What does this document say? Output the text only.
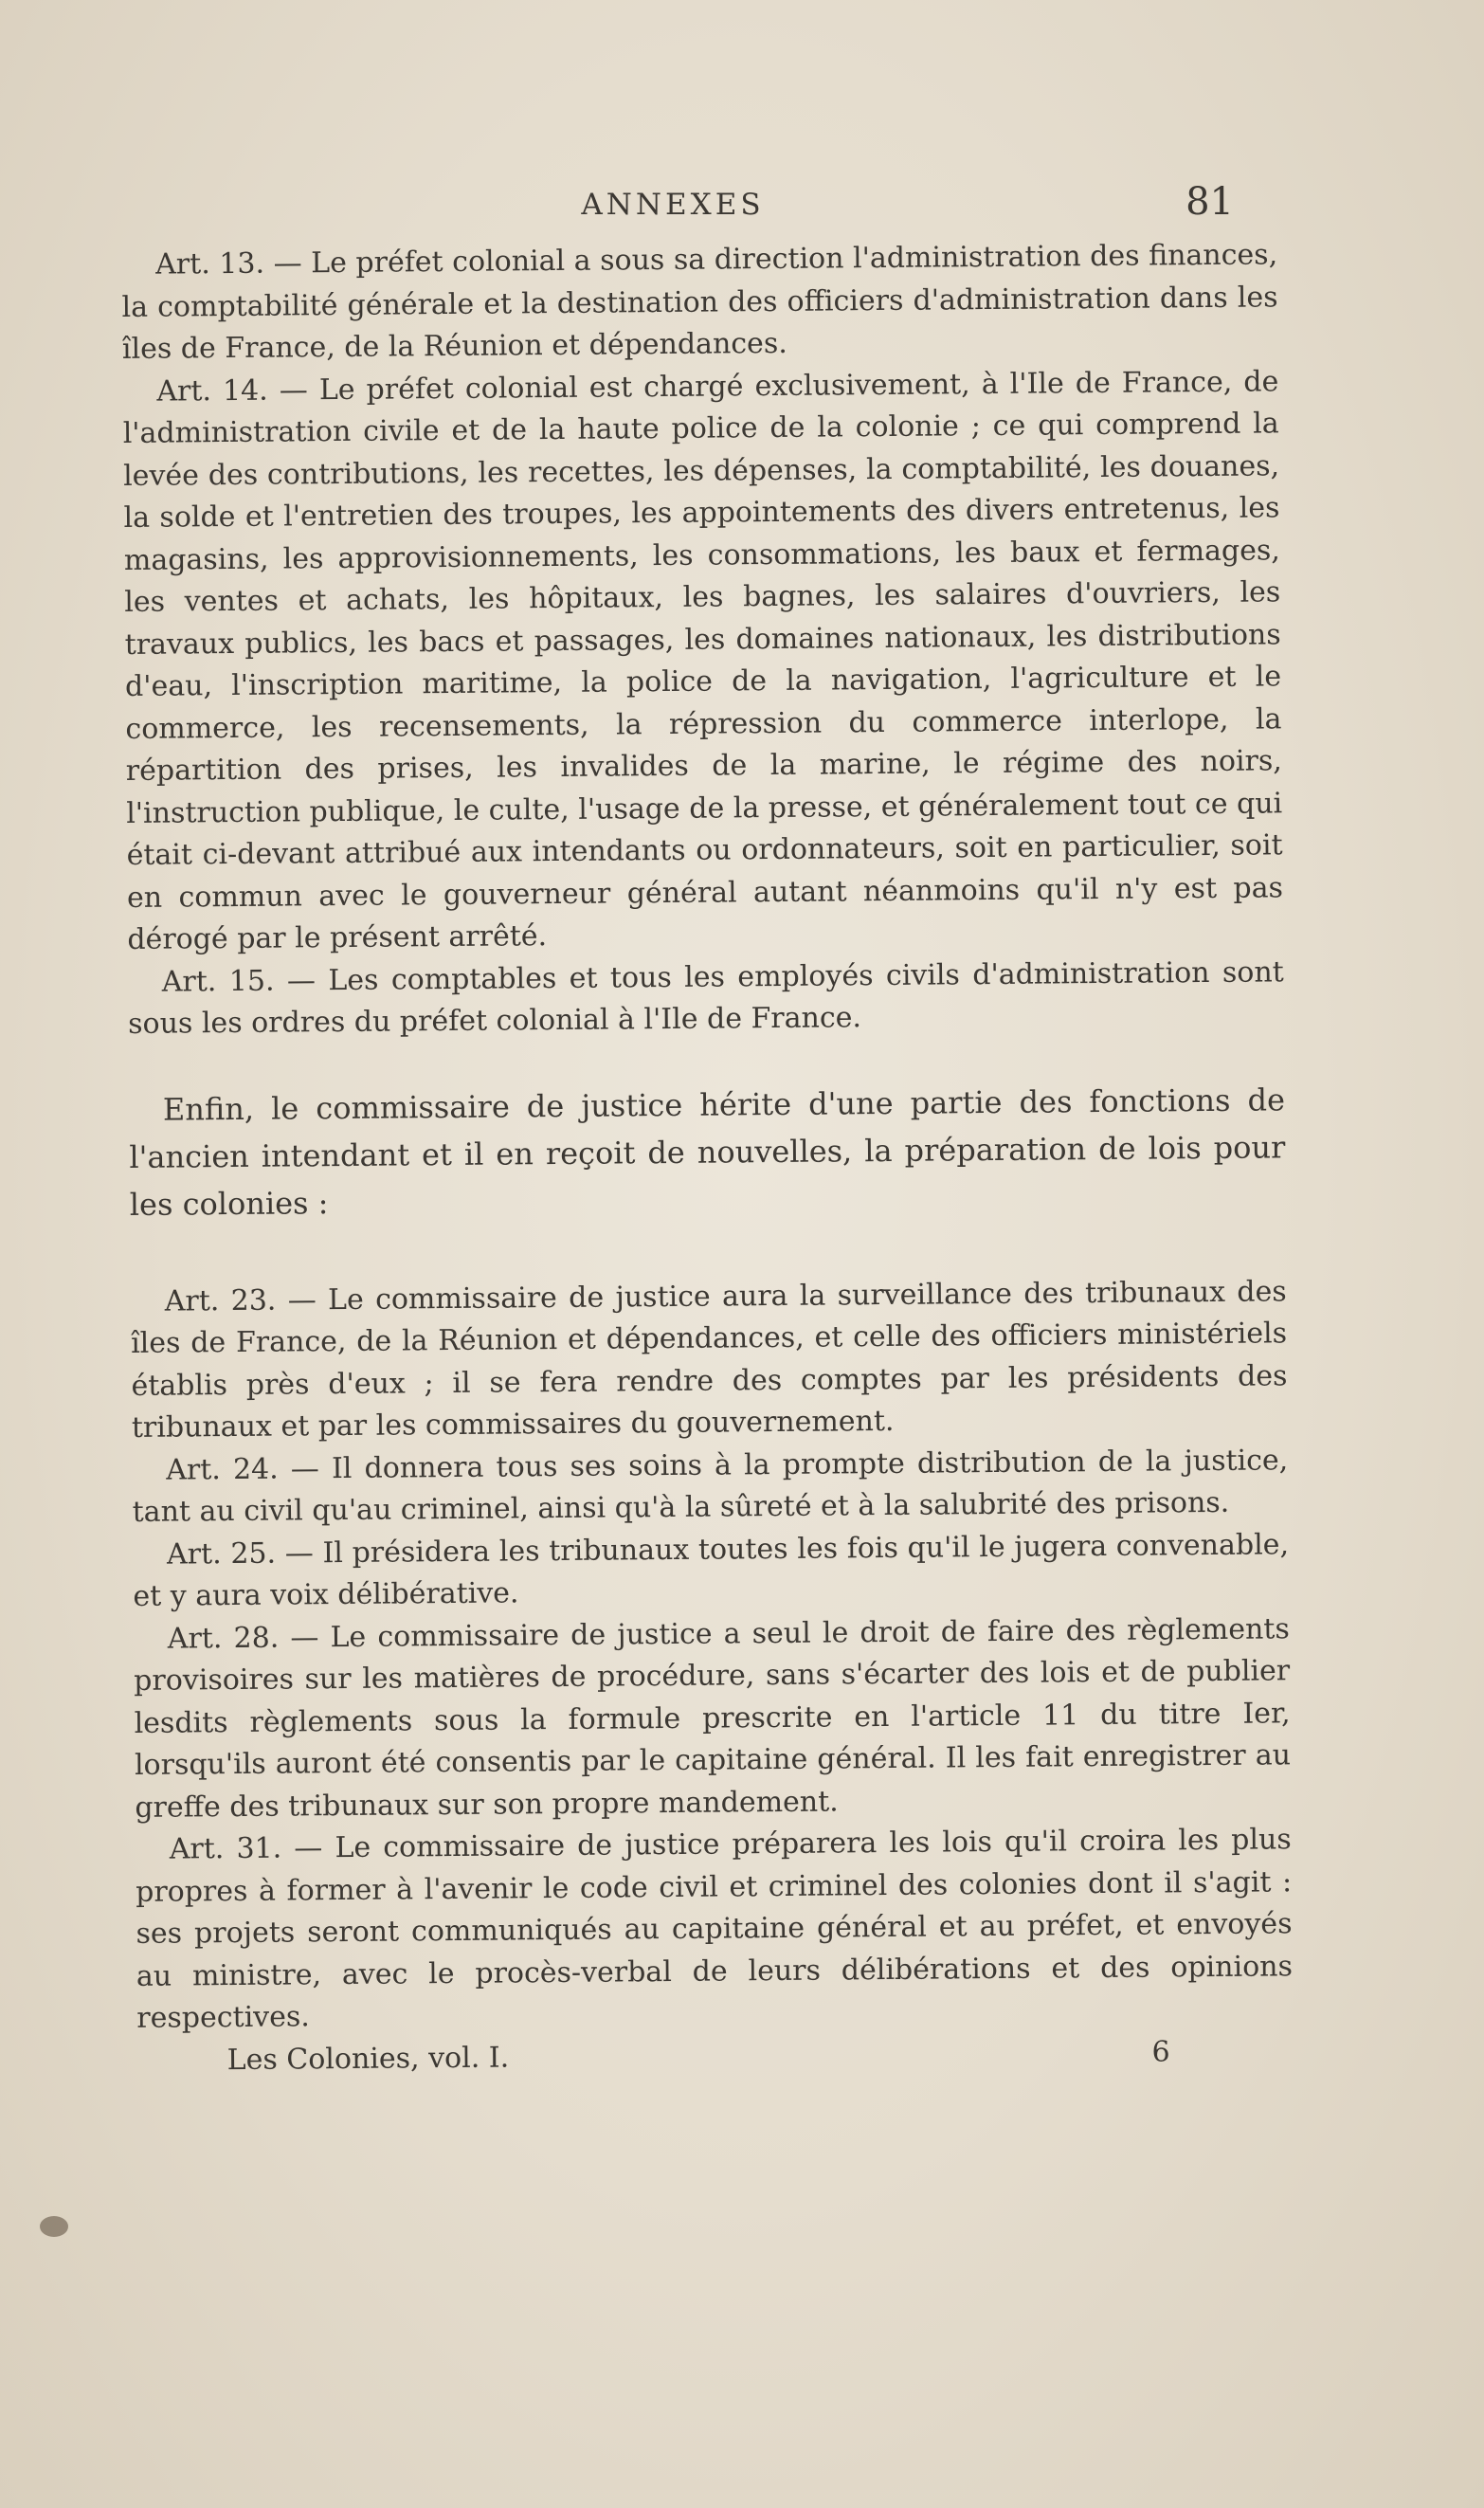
ANNEXES	81

Art. 13. — Le préfet colonial a sous sa direction l'administration des finances, la comptabilité générale et la destination des officiers d'administration dans les îles de France, de la Réunion et dépendances.

Art. 14. — Le préfet colonial est chargé exclusivement, à l'Ile de France, de l'administration civile et de la haute police de la colonie ; ce qui comprend la levée des contributions, les recettes, les dépenses, la comptabilité, les douanes, la solde et l'entretien des troupes, les appointements des divers entretenus, les magasins, les approvisionnements, les consommations, les baux et fermages, les ventes et achats, les hôpitaux, les bagnes, les salaires d'ouvriers, les travaux publics, les bacs et passages, les domaines nationaux, les distributions d'eau, l'inscription maritime, la police de la navigation, l'agriculture et le commerce, les recensements, la répression du commerce interlope, la répartition des prises, les invalides de la marine, le régime des noirs, l'instruction publique, le culte, l'usage de la presse, et généralement tout ce qui était ci-devant attribué aux intendants ou ordonnateurs, soit en particulier, soit en commun avec le gouverneur général autant néanmoins qu'il n'y est pas dérogé par le présent arrêté.

Art. 15. — Les comptables et tous les employés civils d'administration sont sous les ordres du préfet colonial à l'Ile de France.

Enfin, le commissaire de justice hérite d'une partie des fonctions de l'ancien intendant et il en reçoit de nouvelles, la préparation de lois pour les colonies :

Art. 23. — Le commissaire de justice aura la surveillance des tribunaux des îles de France, de la Réunion et dépendances, et celle des officiers ministériels établis près d'eux ; il se fera rendre des comptes par les présidents des tribunaux et par les commissaires du gouvernement.

Art. 24. — Il donnera tous ses soins à la prompte distribution de la justice, tant au civil qu'au criminel, ainsi qu'à la sûreté et à la salubrité des prisons.

Art. 25. — Il présidera les tribunaux toutes les fois qu'il le jugera convenable, et y aura voix délibérative.

Art. 28. — Le commissaire de justice a seul le droit de faire des règlements provisoires sur les matières de procédure, sans s'écarter des lois et de publier lesdits règlements sous la formule prescrite en l'article 11 du titre Ier, lorsqu'ils auront été consentis par le capitaine général. Il les fait enregistrer au greffe des tribunaux sur son propre mandement.

Art. 31. — Le commissaire de justice préparera les lois qu'il croira les plus propres à former à l'avenir le code civil et criminel des colonies dont il s'agit : ses projets seront communiqués au capitaine général et au préfet, et envoyés au ministre, avec le procès-verbal de leurs délibérations et des opinions respectives.

Les Colonies, vol. I.	6
